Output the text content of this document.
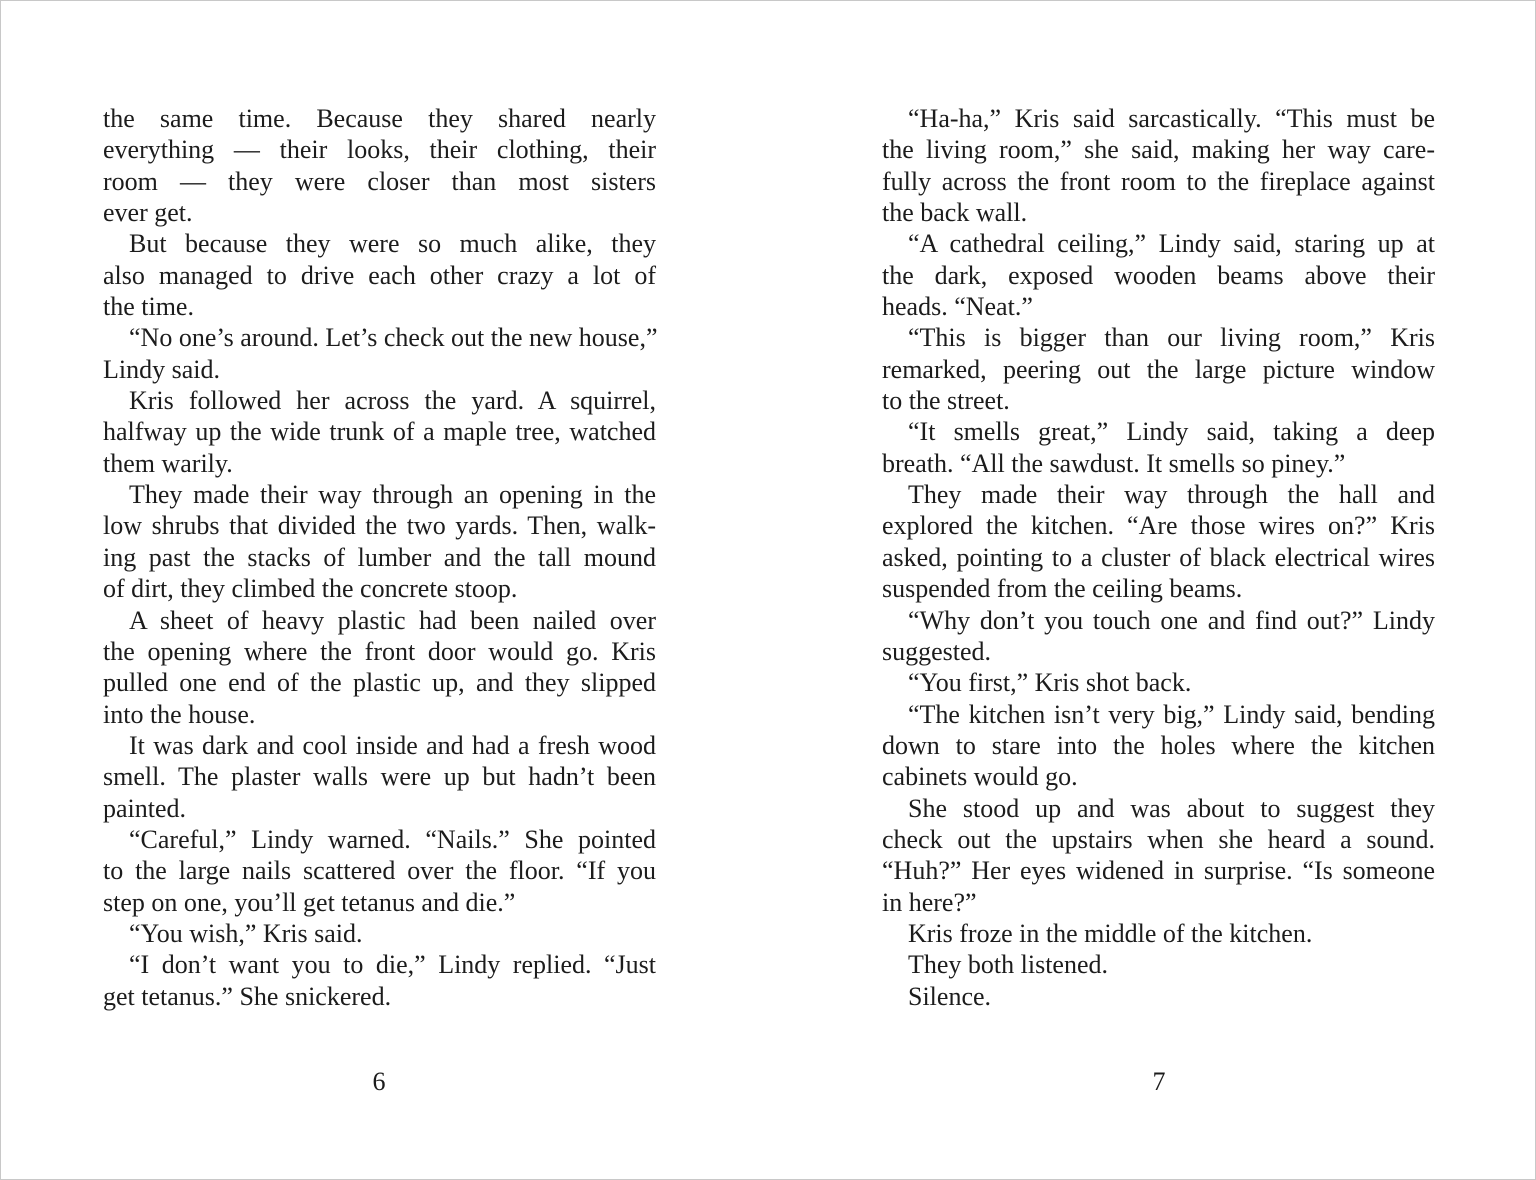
the same time. Because they shared nearly
everything — their looks, their clothing, their
room — they were closer than most sisters
ever get.
But because they were so much alike, they
also managed to drive each other crazy a lot of
the time.
“No one’s around. Let’s check out the new house,”
Lindy said.
Kris followed her across the yard. A squirrel,
halfway up the wide trunk of a maple tree, watched
them warily.
They made their way through an opening in the
low shrubs that divided the two yards. Then, walk-
ing past the stacks of lumber and the tall mound
of dirt, they climbed the concrete stoop.
A sheet of heavy plastic had been nailed over
the opening where the front door would go. Kris
pulled one end of the plastic up, and they slipped
into the house.
It was dark and cool inside and had a fresh wood
smell. The plaster walls were up but hadn’t been
painted.
“Careful,” Lindy warned. “Nails.” She pointed
to the large nails scattered over the floor. “If you
step on one, you’ll get tetanus and die.”
“You wish,” Kris said.
“I don’t want you to die,” Lindy replied. “Just
get tetanus.” She snickered.
“Ha-ha,” Kris said sarcastically. “This must be
the living room,” she said, making her way care-
fully across the front room to the fireplace against
the back wall.
“A cathedral ceiling,” Lindy said, staring up at
the dark, exposed wooden beams above their
heads. “Neat.”
“This is bigger than our living room,” Kris
remarked, peering out the large picture window
to the street.
“It smells great,” Lindy said, taking a deep
breath. “All the sawdust. It smells so piney.”
They made their way through the hall and
explored the kitchen. “Are those wires on?” Kris
asked, pointing to a cluster of black electrical wires
suspended from the ceiling beams.
“Why don’t you touch one and find out?” Lindy
suggested.
“You first,” Kris shot back.
“The kitchen isn’t very big,” Lindy said, bending
down to stare into the holes where the kitchen
cabinets would go.
She stood up and was about to suggest they
check out the upstairs when she heard a sound.
“Huh?” Her eyes widened in surprise. “Is someone
in here?”
Kris froze in the middle of the kitchen.
They both listened.
Silence.
6	7
